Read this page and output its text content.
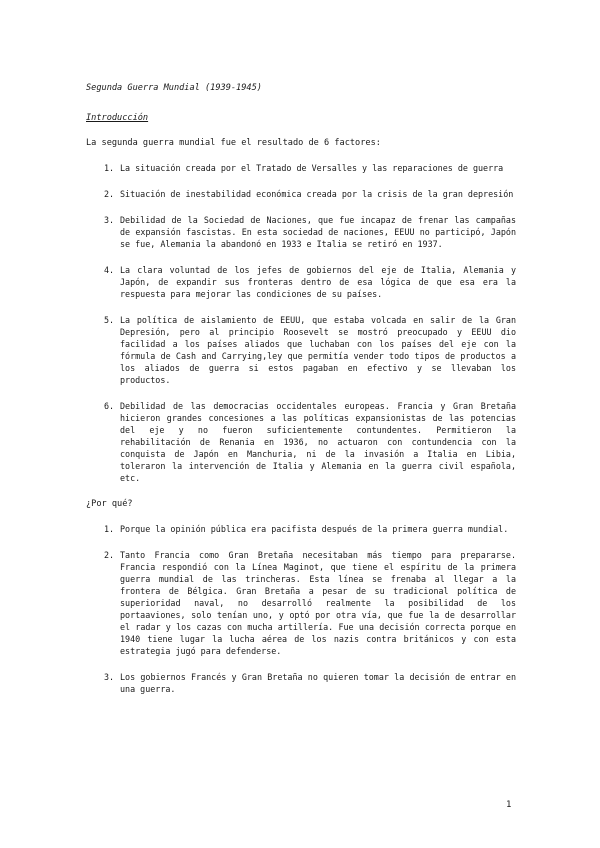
Segunda Guerra Mundial (1939-1945)
Introducción
La segunda guerra mundial fue el resultado de 6 factores:
1. La situación creada por el Tratado de Versalles y las reparaciones de guerra
2. Situación de inestabilidad económica creada por la crisis de la gran depresión
3. Debilidad de la Sociedad de Naciones, que fue incapaz de frenar las campañas de expansión fascistas. En esta sociedad de naciones, EEUU no participó, Japón se fue, Alemania la abandonó en 1933 e Italia se retiró en 1937.
4. La clara voluntad de los jefes de gobiernos del eje de Italia, Alemania y Japón, de expandir sus fronteras dentro de esa lógica de que esa era la respuesta para mejorar las condiciones de su países.
5. La política de aislamiento de EEUU, que estaba volcada en salir de la Gran Depresión, pero al principio Roosevelt se mostró preocupado y EEUU dio facilidad a los países aliados que luchaban con los países del eje con la fórmula de Cash and Carrying,ley que permitía vender todo tipos de productos a los aliados de guerra si estos pagaban en efectivo y se llevaban los productos.
6. Debilidad de las democracias occidentales europeas. Francia y Gran Bretaña hicieron grandes concesiones a las políticas expansionistas de las potencias del eje y no fueron suficientemente contundentes. Permitieron la rehabilitación de Renania en 1936, no actuaron con contundencia con la conquista de Japón en Manchuria, ni de la invasión a Italia en Libia, toleraron la intervención de Italia y Alemania en la guerra civil española, etc.
¿Por qué?
1. Porque la opinión pública era pacifista después de la primera guerra mundial.
2. Tanto Francia como Gran Bretaña necesitaban más tiempo para prepararse. Francia respondió con la Línea Maginot, que tiene el espíritu de la primera guerra mundial de las trincheras. Esta línea se frenaba al llegar a la frontera de Bélgica. Gran Bretaña a pesar de su tradicional política de superioridad naval, no desarrolló realmente la posibilidad de los portaaviones, solo tenían uno, y optó por otra vía, que fue la de desarrollar el radar y los cazas con mucha artillería. Fue una decisión correcta porque en 1940 tiene lugar la lucha aérea de los nazis contra británicos y con esta estrategia jugó para defenderse.
3. Los gobiernos Francés y Gran Bretaña no quieren tomar la decisión de entrar en una guerra.
1
